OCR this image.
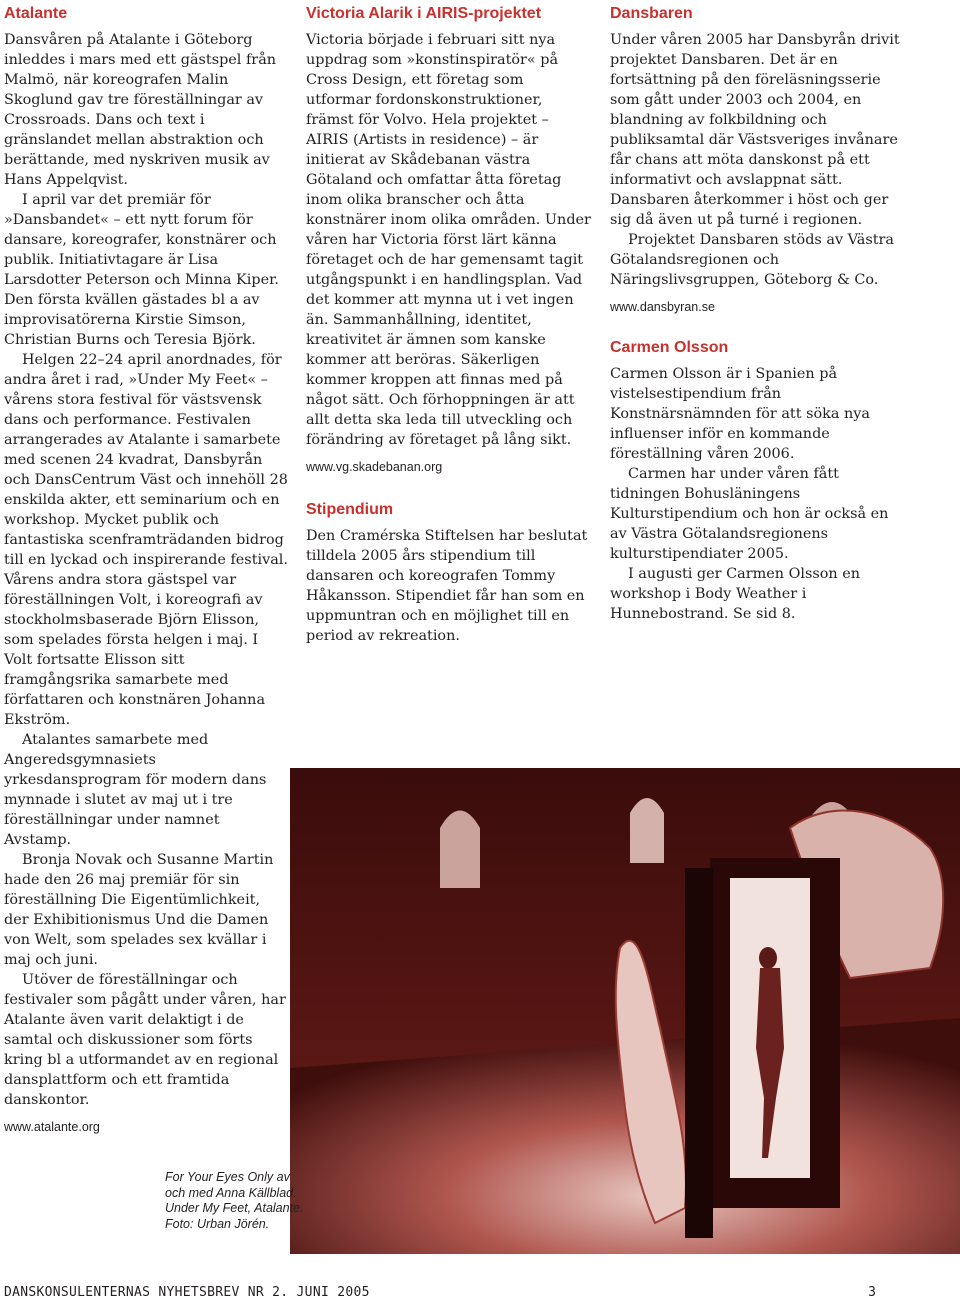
Atalante

Dansvåren på Atalante i Göteborg inleddes i mars med ett gästspel från Malmö, när koreografen Malin Skoglund gav tre föreställningar av Crossroads. Dans och text i gränslandet mellan abstraktion och berättande, med nyskriven musik av Hans Appelqvist.

I april var det premiär för »Dansbandet« – ett nytt forum för dansare, koreografer, konstnärer och publik. Initiativtagare är Lisa Larsdotter Peterson och Minna Kiper. Den första kvällen gästades bl a av improvisatörerna Kirstie Simson, Christian Burns och Teresia Björk.

Helgen 22–24 april anordnades, för andra året i rad, »Under My Feet« – vårens stora festival för västsvensk dans och performance. Festivalen arrangerades av Atalante i samarbete med scenen 24 kvadrat, Dansbyrån och DansCentrum Väst och innehöll 28 enskilda akter, ett seminarium och en workshop. Mycket publik och fantastiska scenframträdanden bidrog till en lyckad och inspirerande festival. Vårens andra stora gästspel var föreställningen Volt, i koreografi av stockholmsbaserade Björn Elisson, som spelades första helgen i maj. I Volt fortsatte Elisson sitt framgångsrika samarbete med författaren och konstnären Johanna Ekström.

Atalantes samarbete med Angeredsgymnasiets yrkesdansprogram för modern dans mynnade i slutet av maj ut i tre föreställningar under namnet Avstamp.

Bronja Novak och Susanne Martin hade den 26 maj premiär för sin föreställning Die Eigentümlichkeit, der Exhibitionismus Und die Damen von Welt, som spelades sex kvällar i maj och juni.

Utöver de föreställningar och festivaler som pågått under våren, har Atalante även varit delaktigt i de samtal och diskussioner som förts kring bl a utformandet av en regional dansplattform och ett framtida danskontor.

www.atalante.org
Victoria Alarik i AIRIS-projektet

Victoria började i februari sitt nya uppdrag som »konstinspiratör« på Cross Design, ett företag som utformar fordonskonstruktioner, främst för Volvo. Hela projektet – AIRIS (Artists in residence) – är initierat av Skådebanan västra Götaland och omfattar åtta företag inom olika branscher och åtta konstnärer inom olika områden. Under våren har Victoria först lärt känna företaget och de har gemensamt tagit utgångspunkt i en handlingsplan. Vad det kommer att mynna ut i vet ingen än. Sammanhållning, identitet, kreativitet är ämnen som kanske kommer att beröras. Säkerligen kommer kroppen att finnas med på något sätt. Och förhoppningen är att allt detta ska leda till utveckling och förändring av företaget på lång sikt.

www.vg.skadebanan.org
Stipendium

Den Cramérska Stiftelsen har beslutat tilldela 2005 års stipendium till dansaren och koreografen Tommy Håkansson. Stipendiet får han som en uppmuntran och en möjlighet till en period av rekreation.

Dansbaren

Under våren 2005 har Dansbyrån drivit projektet Dansbaren. Det är en fortsättning på den föreläsningsserie som gått under 2003 och 2004, en blandning av folkbildning och publiksamtal där Västsveriges invånare får chans att möta danskonst på ett informativt och avslappnat sätt. Dansbaren återkommer i höst och ger sig då även ut på turné i regionen.

Projektet Dansbaren stöds av Västra Götalandsregionen och Näringslivsgruppen, Göteborg & Co.

www.dansbyran.se
Carmen Olsson

Carmen Olsson är i Spanien på vistelsestipendium från Konstnärsnämnden för att söka nya influenser inför en kommande föreställning våren 2006.

Carmen har under våren fått tidningen Bohusläningens Kulturstipendium och hon är också en av Västra Götalandsregionens kulturstipendiater 2005.

I augusti ger Carmen Olsson en workshop i Body Weather i Hunnebostrand. Se sid 8.

For Your Eyes Only av
och med Anna Källblad.
Under My Feet, Atalante.
Foto: Urban Jörén.
DANSKONSULENTERNAS NYHETSBREV NR 2. JUNI 2005	3
